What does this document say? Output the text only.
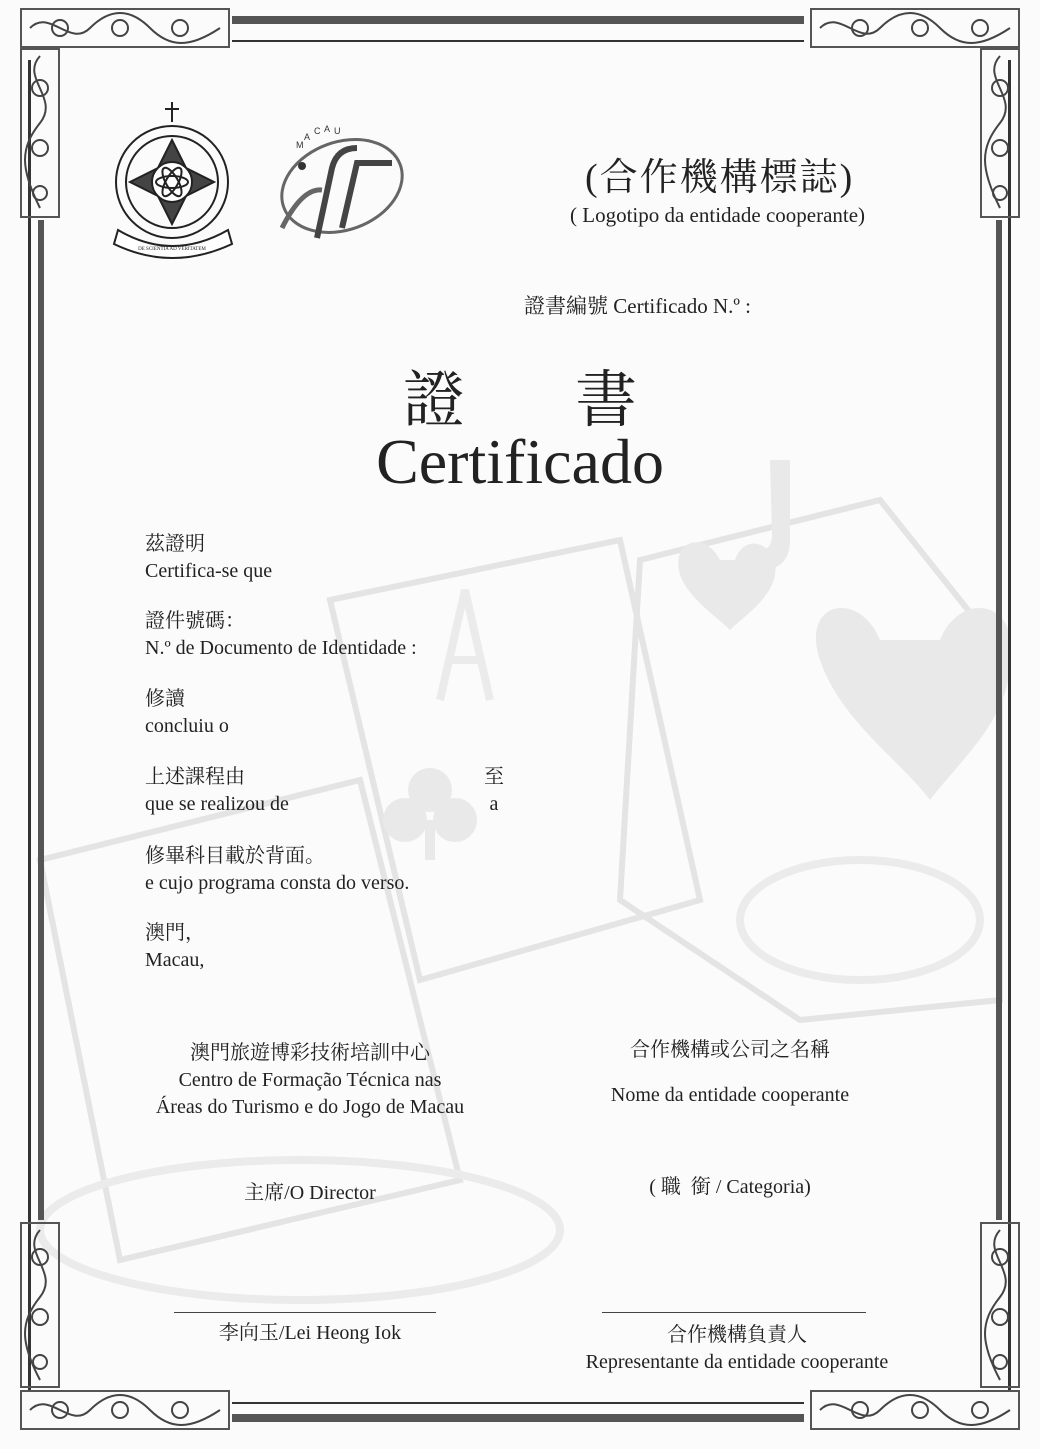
DE SCIENTIA AD VERITATEM
M
A
C A U
(合作機構標誌)
( Logotipo da entidade cooperante)
證書編號 Certificado N.º :
證 書
Certificado
茲證明
Certifica-se que
證件號碼：
N.º de Documento de Identidade :
修讀
concluiu o
上述課程由
que se realizou de
至
a
修畢科目載於背面。
e cujo programa consta do verso.
澳門，
Macau,
澳門旅遊博彩技術培訓中心
Centro de Formação Técnica nas
Áreas do Turismo e do Jogo de Macau
主席/O Director
李向玉/Lei Heong Iok
合作機構或公司之名稱
Nome da entidade cooperante
( 職  銜 / Categoria)
合作機構負責人
Representante da entidade cooperante
